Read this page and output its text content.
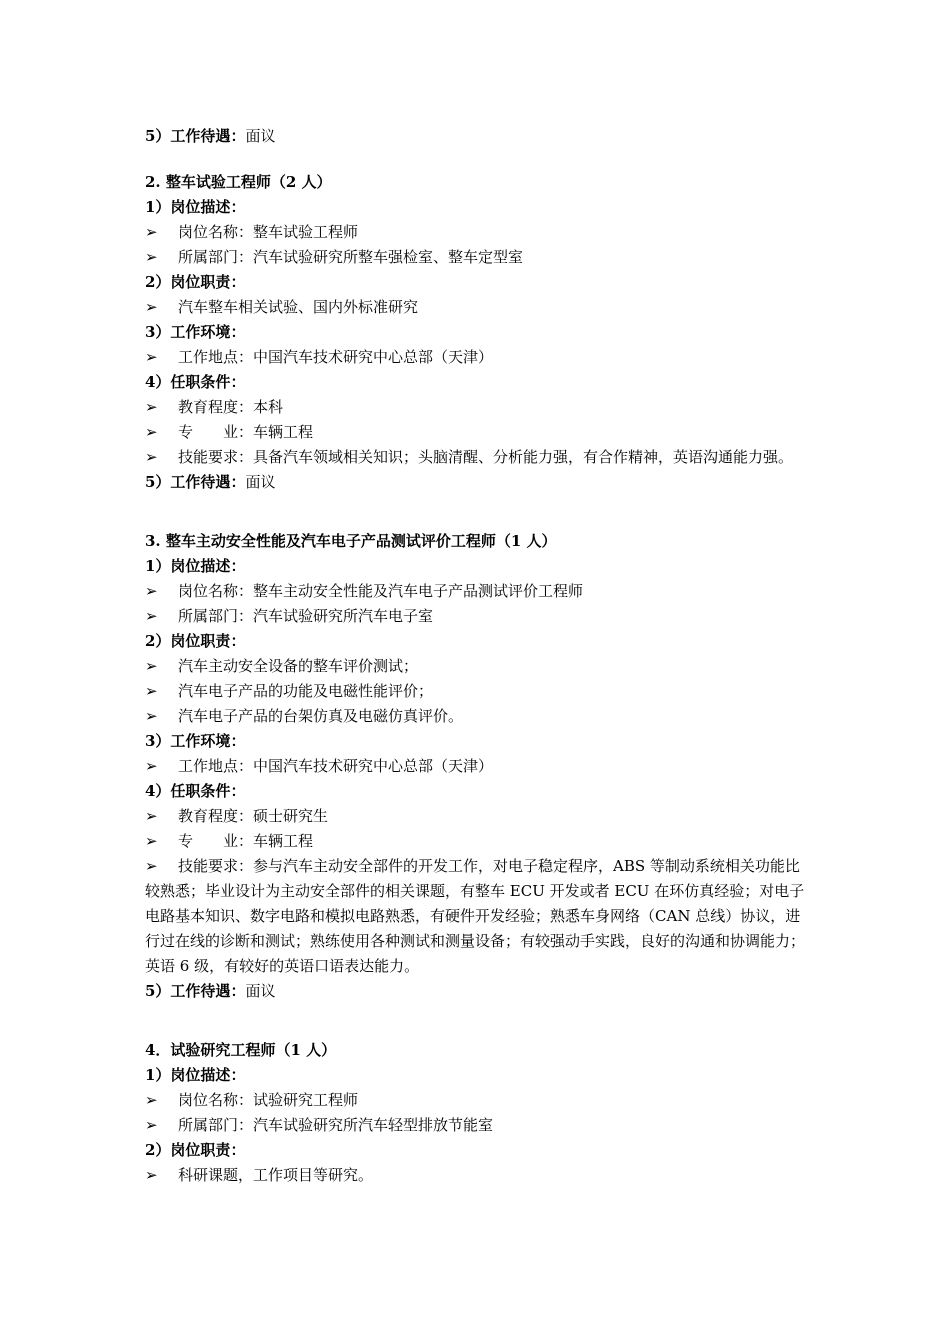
5）工作待遇：面议
2. 整车试验工程师（2 人）
1）岗位描述：
➢ 岗位名称：整车试验工程师
➢ 所属部门：汽车试验研究所整车强检室、整车定型室
2）岗位职责：
➢ 汽车整车相关试验、国内外标准研究
3）工作环境：
➢ 工作地点：中国汽车技术研究中心总部（天津）
4）任职条件：
➢ 教育程度：本科
➢ 专　　业：车辆工程
➢ 技能要求：具备汽车领域相关知识；头脑清醒、分析能力强，有合作精神，英语沟通能力强。
5）工作待遇：面议
3. 整车主动安全性能及汽车电子产品测试评价工程师（1 人）
1）岗位描述：
➢ 岗位名称：整车主动安全性能及汽车电子产品测试评价工程师
➢ 所属部门：汽车试验研究所汽车电子室
2）岗位职责：
➢ 汽车主动安全设备的整车评价测试；
➢ 汽车电子产品的功能及电磁性能评价；
➢ 汽车电子产品的台架仿真及电磁仿真评价。
3）工作环境：
➢ 工作地点：中国汽车技术研究中心总部（天津）
4）任职条件：
➢ 教育程度：硕士研究生
➢ 专　　业：车辆工程
➢ 技能要求：参与汽车主动安全部件的开发工作，对电子稳定程序，ABS 等制动系统相关功能比较熟悉；毕业设计为主动安全部件的相关课题，有整车 ECU 开发或者 ECU 在环仿真经验；对电子电路基本知识、数字电路和模拟电路熟悉，有硬件开发经验；熟悉车身网络（CAN 总线）协议，进行过在线的诊断和测试；熟练使用各种测试和测量设备；有较强动手实践，良好的沟通和协调能力；英语 6 级，有较好的英语口语表达能力。
5）工作待遇：面议
4．试验研究工程师（1 人）
1）岗位描述：
➢ 岗位名称：试验研究工程师
➢ 所属部门：汽车试验研究所汽车轻型排放节能室
2）岗位职责：
➢ 科研课题，工作项目等研究。
